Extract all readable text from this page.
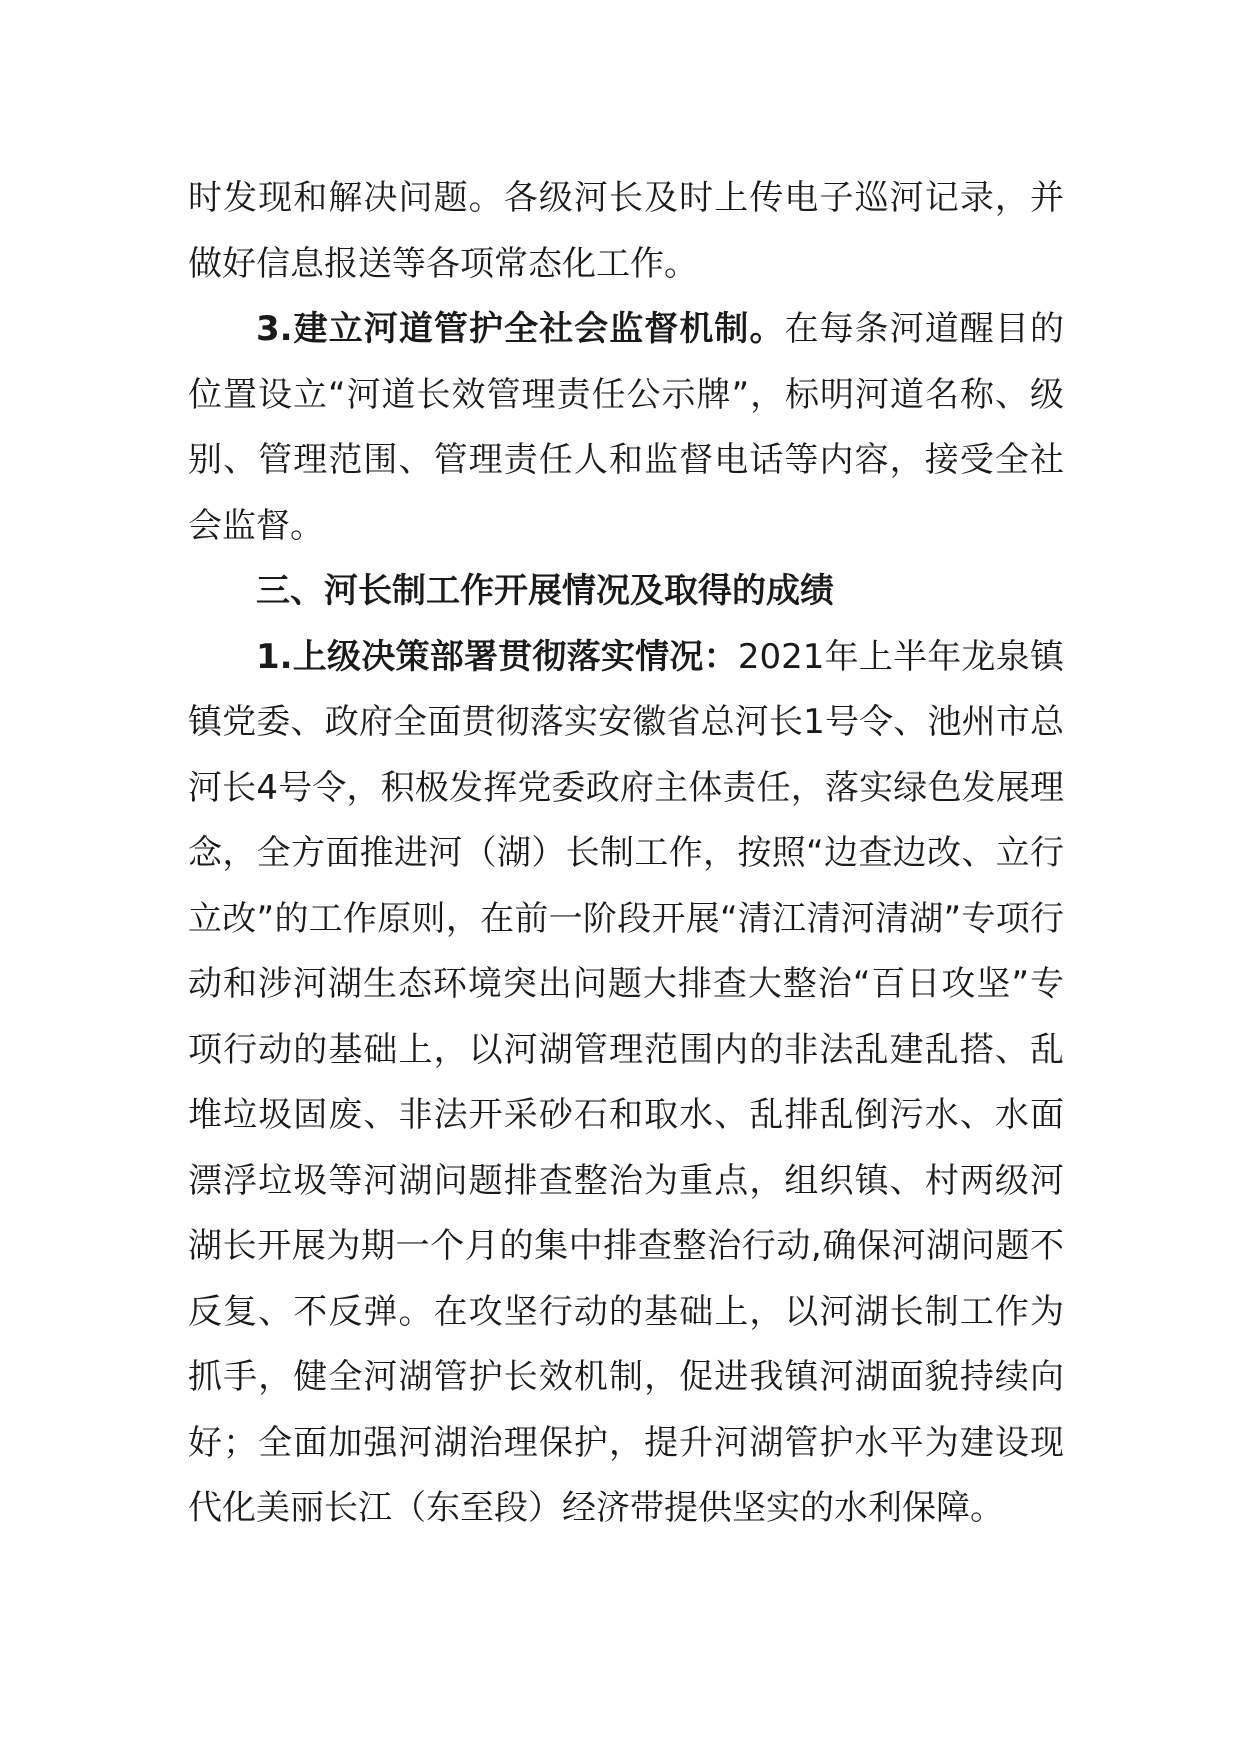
时发现和解决问题。各级河长及时上传电子巡河记录，并做好信息报送等各项常态化工作。

3.建立河道管护全社会监督机制。在每条河道醒目的位置设立“河道长效管理责任公示牌”，标明河道名称、级别、管理范围、管理责任人和监督电话等内容，接受全社会监督。

三、河长制工作开展情况及取得的成绩

1.上级决策部署贯彻落实情况：2021年上半年龙泉镇镇党委、政府全面贯彻落实安徽省总河长1号令、池州市总河长4号令，积极发挥党委政府主体责任，落实绿色发展理念，全方面推进河（湖）长制工作，按照“边查边改、立行立改”的工作原则，在前一阶段开展“清江清河清湖”专项行动和涉河湖生态环境突出问题大排查大整治“百日攻坚”专项行动的基础上，以河湖管理范围内的非法乱建乱搭、乱堆垃圾固废、非法开采砂石和取水、乱排乱倒污水、水面漂浮垃圾等河湖问题排查整治为重点，组织镇、村两级河湖长开展为期一个月的集中排查整治行动,确保河湖问题不反复、不反弹。在攻坚行动的基础上，以河湖长制工作为抓手，健全河湖管护长效机制，促进我镇河湖面貌持续向好；全面加强河湖治理保护，提升河湖管护水平为建设现代化美丽长江（东至段）经济带提供坚实的水利保障。
